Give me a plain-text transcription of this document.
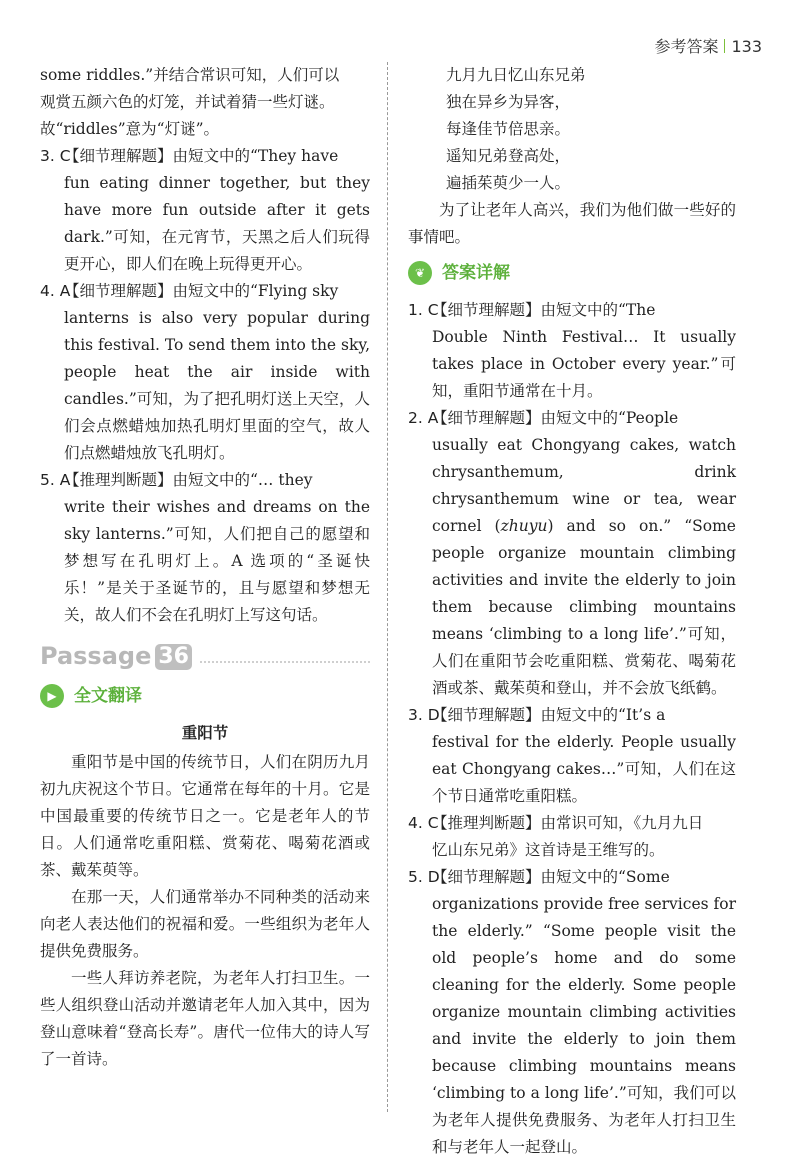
参考答案 133

some riddles.”并结合常识可知，人们可以

观赏五颜六色的灯笼，并试着猜一些灯谜。

故“riddles”意为“灯谜”。

3. C
【细节理解题】由短文中的“They have

fun eating dinner together, but they have more fun outside after it gets dark.”可知，在元宵节，天黑之后人们玩得更开心，即人们在晚上玩得更开心。

4. A
【细节理解题】由短文中的“Flying sky

lanterns is also very popular during this festival. To send them into the sky, people heat the air inside with candles.”可知，为了把孔明灯送上天空，人们会点燃蜡烛加热孔明灯里面的空气，故人们点燃蜡烛放飞孔明灯。

5. A
【推理判断题】由短文中的“… they

write their wishes and dreams on the sky lanterns.”可知，人们把自己的愿望和梦想写在孔明灯上。A 选项的“圣诞快乐！”是关于圣诞节的，且与愿望和梦想无关，故人们不会在孔明灯上写这句话。

Passage 36
▶	全文翻译

重阳节

重阳节是中国的传统节日，人们在阴历九月初九庆祝这个节日。它通常在每年的十月。它是中国最重要的传统节日之一。它是老年人的节日。人们通常吃重阳糕、赏菊花、喝菊花酒或茶、戴茱萸等。

在那一天，人们通常举办不同种类的活动来向老人表达他们的祝福和爱。一些组织为老年人提供免费服务。

一些人拜访养老院，为老年人打扫卫生。一些人组织登山活动并邀请老年人加入其中，因为登山意味着“登高长寿”。唐代一位伟大的诗人写了一首诗。

九月九日忆山东兄弟

独在异乡为异客，

每逢佳节倍思亲。

遥知兄弟登高处，

遍插茱萸少一人。

为了让老年人高兴，我们为他们做一些好的事情吧。

❦ 答案详解
1. C
【细节理解题】由短文中的“The

Double Ninth Festival… It usually takes place in October every year.”可知，重阳节通常在十月。

2. A
【细节理解题】由短文中的“People

usually eat Chongyang cakes, watch chrysanthemum, drink chrysanthemum wine or tea, wear cornel (zhuyu) and so on.” “Some people organize mountain climbing activities and invite the elderly to join them because climbing mountains means ‘climbing to a long life’.”可知，人们在重阳节会吃重阳糕、赏菊花、喝菊花酒或茶、戴茱萸和登山，并不会放飞纸鹤。

3. D
【细节理解题】由短文中的“It’s a

festival for the elderly. People usually eat Chongyang cakes…”可知，人们在这个节日通常吃重阳糕。

4. C
【推理判断题】由常识可知，《九月九日

忆山东兄弟》这首诗是王维写的。

5. D
【细节理解题】由短文中的“Some

organizations provide free services for the elderly.” “Some people visit the old people’s home and do some cleaning for the elderly. Some people organize mountain climbing activities and invite the elderly to join them because climbing mountains means ‘climbing to a long life’.”可知，我们可以为老年人提供免费服务、为老年人打扫卫生和与老年人一起登山。
